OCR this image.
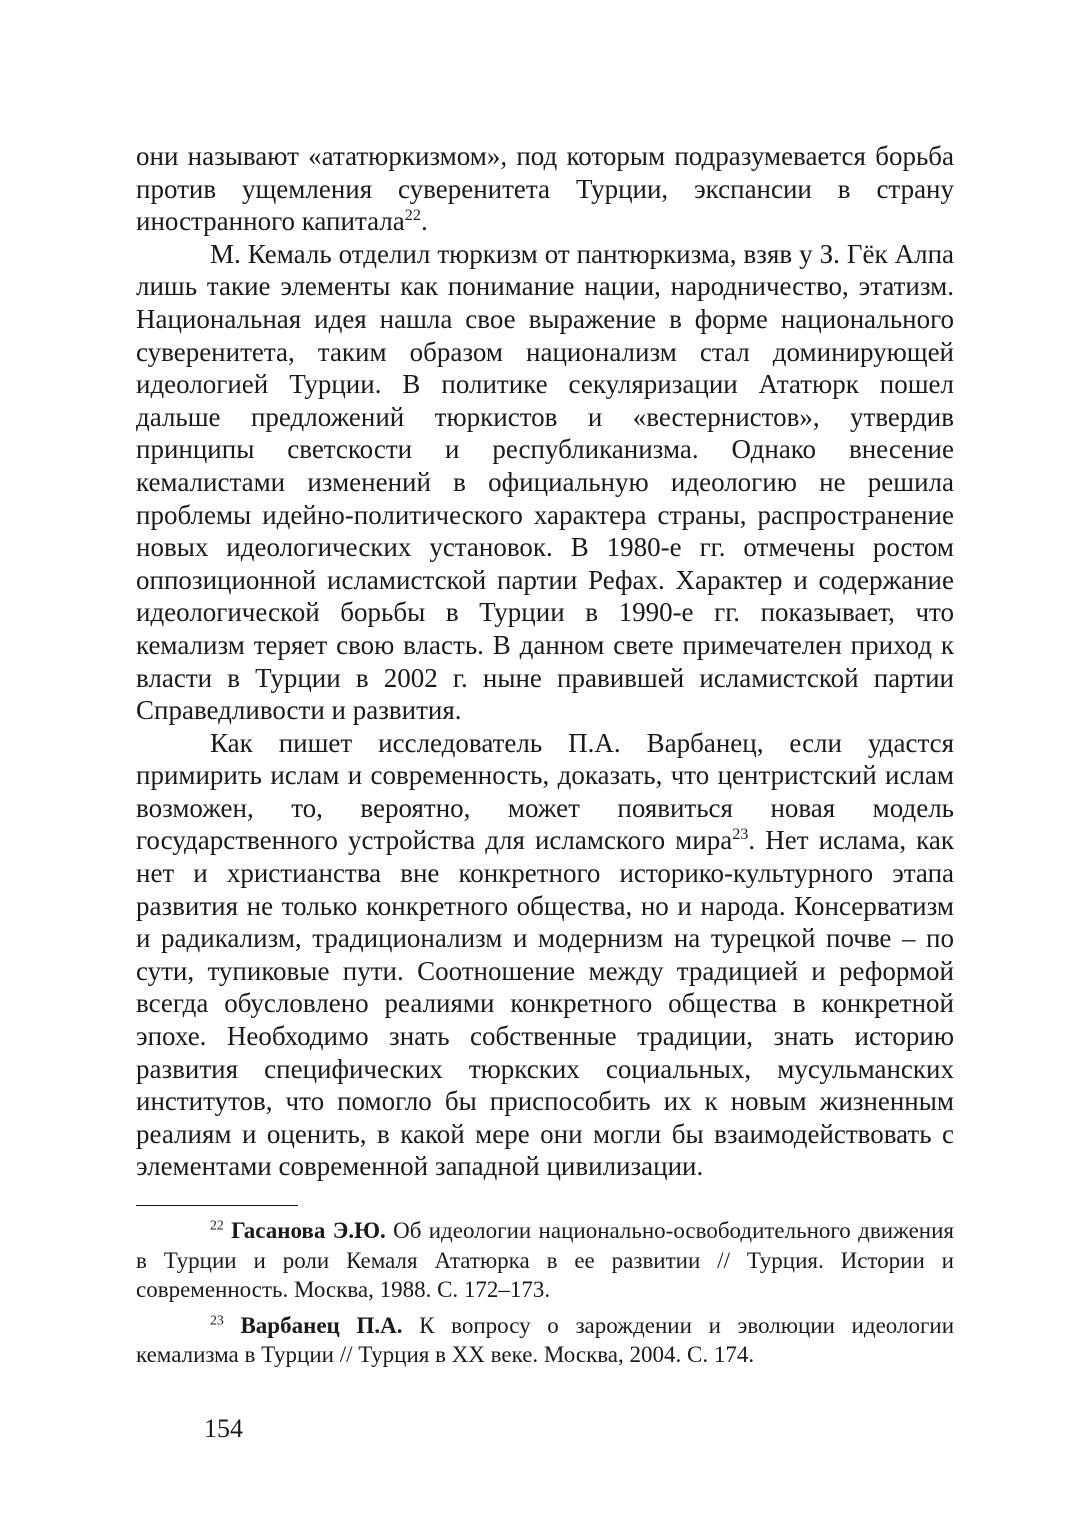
они называют «ататюркизмом», под которым подразумевается борьба против ущемления суверенитета Турции, экспансии в страну иностранного капитала$^{22}$.

М. Кемаль отделил тюркизм от пантюркизма, взяв у З. Гёк Алпа лишь такие элементы как понимание нации, народничество, этатизм. Национальная идея нашла свое выражение в форме национального суверенитета, таким образом национализм стал доминирующей идеологией Турции. В политике секуляризации Ататюрк пошел дальше предложений тюркистов и «вестернистов», утвердив принципы светскости и республиканизма. Однако внесение кемалистами изменений в официальную идеологию не решила проблемы идейно-политического характера страны, распространение новых идеологических установок. В 1980-е гг. отмечены ростом оппозиционной исламистской партии Рефах. Характер и содержание идеологической борьбы в Турции в 1990-е гг. показывает, что кемализм теряет свою власть. В данном свете примечателен приход к власти в Турции в 2002 г. ныне правившей исламистской партии Справедливости и развития.

Как пишет исследователь П.А. Варбанец, если удастся примирить ислам и современность, доказать, что центристский ислам возможен, то, вероятно, может появиться новая модель государственного устройства для исламского мира$^{23}$. Нет ислама, как нет и христианства вне конкретного историко-культурного этапа развития не только конкретного общества, но и народа. Консерватизм и радикализм, традиционализм и модернизм на турецкой почве – по сути, тупиковые пути. Соотношение между традицией и реформой всегда обусловлено реалиями конкретного общества в конкретной эпохе. Необходимо знать собственные традиции, знать историю развития специфических тюркских социальных, мусульманских институтов, что помогло бы приспособить их к новым жизненным реалиям и оценить, в какой мере они могли бы взаимодействовать с элементами современной западной цивилизации.

$^{22}$ Гасанова Э.Ю. Об идеологии национально-освободительного движения в Турции и роли Кемаля Ататюрка в ее развитии // Турция. Истории и современность. Москва, 1988. С. 172–173.

$^{23}$ Варбанец П.А. К вопросу о зарождении и эволюции идеологии кемализма в Турции // Турция в XX веке. Москва, 2004. С. 174.

154
